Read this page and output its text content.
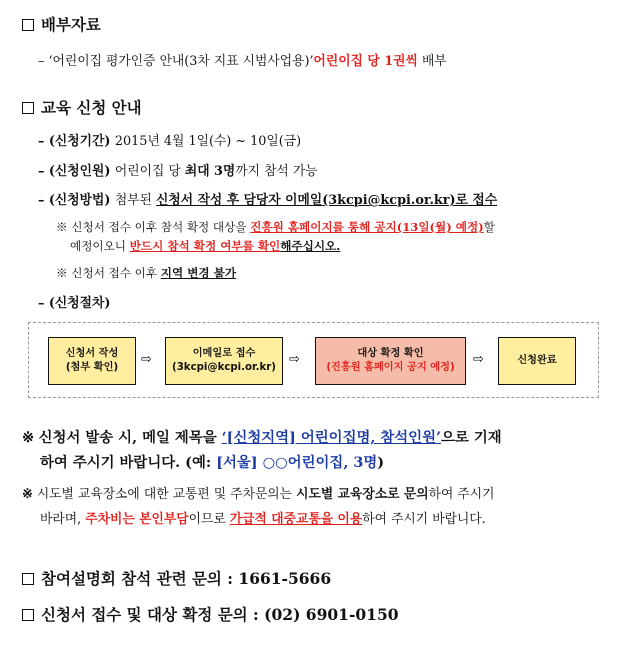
배부자료
– ‘어린이집 평가인증 안내(3차 지표 시범사업용)’어린이집 당 1권씩 배부
교육 신청 안내
– (신청기간) 2015년 4월 1일(수) ~ 10일(금)
– (신청인원) 어린이집 당 최대 3명까지 참석 가능
– (신청방법) 첨부된 신청서 작성 후 담당자 이메일(3kcpi@kcpi.or.kr)로 접수
※ 신청서 접수 이후 참석 확정 대상을 진흥원 홈페이지를 통해 공지(13일(월) 예정)할
예정이오니 반드시 참석 확정 여부를 확인해주십시오.
※ 신청서 접수 이후 지역 변경 불가
– (신청절차)
신청서 작성
(첨부 확인)
⇨	이메일로 접수
(3kcpi@kcpi.or.kr)
⇨	대상 확정 확인
(진흥원 홈페이지 공지 예정)
⇨	신청완료
※ 신청서 발송 시, 메일 제목을 ‘[신청지역] 어린이집명, 참석인원’으로 기재
하여 주시기 바랍니다. (예: [서울] ○○어린이집, 3명)
※ 시도별 교육장소에 대한 교통편 및 주차문의는 시도별 교육장소로 문의하여 주시기
바라며, 주차비는 본인부담이므로 가급적 대중교통을 이용하여 주시기 바랍니다.
참여설명회 참석 관련 문의 : 1661-5666
신청서 접수 및 대상 확정 문의 : (02) 6901-0150
